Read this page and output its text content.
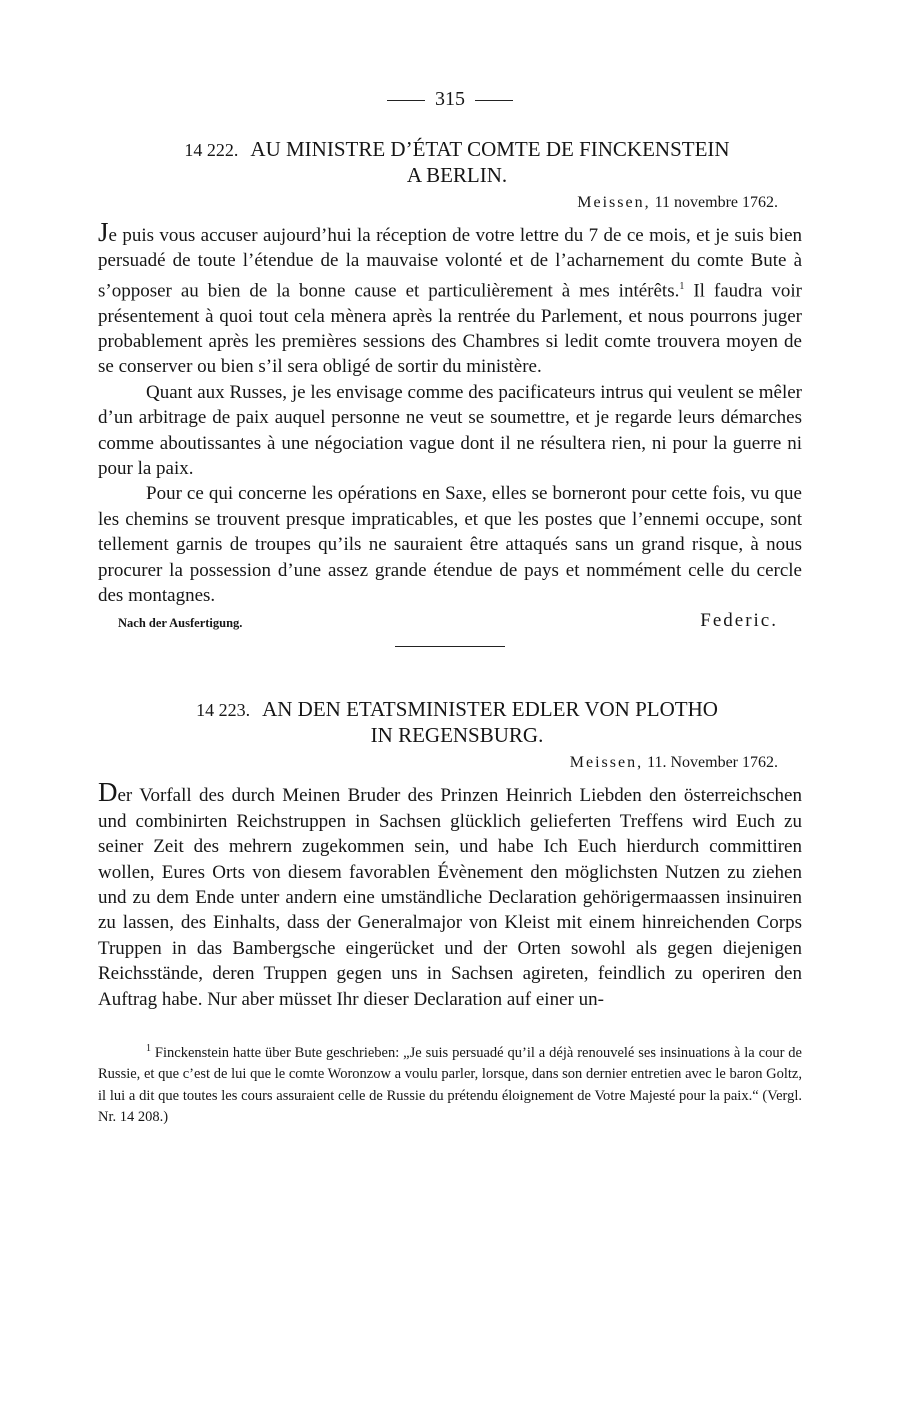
315
14 222. AU MINISTRE D’ÉTAT COMTE DE FINCKENSTEIN
A BERLIN.
Meissen, 11 novembre 1762.

Je puis vous accuser aujourd’hui la réception de votre lettre du 7 de ce mois, et je suis bien persuadé de toute l’étendue de la mauvaise volonté et de l’acharnement du comte Bute à s’opposer au bien de la bonne cause et particulièrement à mes intérêts.$^1$ Il faudra voir présentement à quoi tout cela mènera après la rentrée du Parlement, et nous pourrons juger probablement après les premières sessions des Chambres si ledit comte trouvera moyen de se conserver ou bien s’il sera obligé de sortir du ministère.

Quant aux Russes, je les envisage comme des pacificateurs intrus qui veulent se mêler d’un arbitrage de paix auquel personne ne veut se soumettre, et je regarde leurs démarches comme aboutissantes à une négociation vague dont il ne résultera rien, ni pour la guerre ni pour la paix.

Pour ce qui concerne les opérations en Saxe, elles se borneront pour cette fois, vu que les chemins se trouvent presque impraticables, et que les postes que l’ennemi occupe, sont tellement garnis de troupes qu’ils ne sauraient être attaqués sans un grand risque, à nous procurer la possession d’une assez grande étendue de pays et nommément celle du cercle des montagnes.

Nach der Ausfertigung.	Federic.
14 223. AN DEN ETATSMINISTER EDLER VON PLOTHO
IN REGENSBURG.
Meissen, 11. November 1762.

Der Vorfall des durch Meinen Bruder des Prinzen Heinrich Liebden den österreichschen und combinirten Reichstruppen in Sachsen glücklich gelieferten Treffens wird Euch zu seiner Zeit des mehrern zugekommen sein, und habe Ich Euch hierdurch committiren wollen, Eures Orts von diesem favorablen Évènement den möglichsten Nutzen zu ziehen und zu dem Ende unter andern eine umständliche Declaration gehörigermaassen insinuiren zu lassen, des Einhalts, dass der Generalmajor von Kleist mit einem hinreichenden Corps Truppen in das Bambergsche eingerücket und der Orten sowohl als gegen diejenigen Reichsstände, deren Truppen gegen uns in Sachsen agireten, feindlich zu operiren den Auftrag habe. Nur aber müsset Ihr dieser Declaration auf einer un-

$^1$ Finckenstein hatte über Bute geschrieben: „Je suis persuadé qu’il a déjà renouvelé ses insinuations à la cour de Russie, et que c’est de lui que le comte Woronzow a voulu parler, lorsque, dans son dernier entretien avec le baron Goltz, il lui a dit que toutes les cours assuraient celle de Russie du prétendu éloignement de Votre Majesté pour la paix.“ (Vergl. Nr. 14 208.)
